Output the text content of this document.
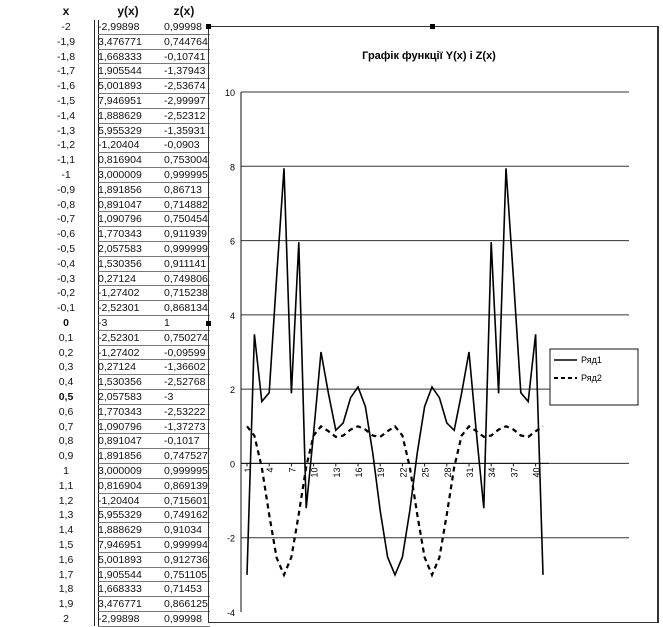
x	y(x)	z(x)
-2	-2,99898	0,99998
-1,9	3,476771	0,744764
-1,8	1,668333	-0,10741
-1,7	1,905544	-1,37943
-1,6	5,001893	-2,53674
-1,5	7,946951	-2,99997
-1,4	1,888629	-2,52312
-1,3	5,955329	-1,35931
-1,2	-1,20404	-0,0903
-1,1	0,816904	0,753004
-1	3,000009	0,999995
-0,9	1,891856	0,86713
-0,8	0,891047	0,714882
-0,7	1,090796	0,750454
-0,6	1,770343	0,911939
-0,5	2,057583	0,999999
-0,4	1,530356	0,911141
-0,3	0,27124	0,749806
-0,2	-1,27402	0,715238
-0,1	-2,52301	0,868134
0	-3	1
0,1	-2,52301	0,750274
0,2	-1,27402	-0,09599
0,3	0,27124	-1,36602
0,4	1,530356	-2,52768
0,5	2,057583	-3
0,6	1,770343	-2,53222
0,7	1,090796	-1,37273
0,8	0,891047	-0,1017
0,9	1,891856	0,747527
1	3,000009	0,999995
1,1	0,816904	0,869139
1,2	-1,20404	0,715601
1,3	5,955329	0,749162
1,4	1,888629	0,91034
1,5	7,946951	0,999994
1,6	5,001893	0,912736
1,7	1,905544	0,751105
1,8	1,668333	0,71453
1,9	3,476771	0,866125
2	-2,99898	0,99998
Графік функції Y(x) і Z(x)
-4
-2
0
2
4
6
8
10
1 4 7 10 13 16 19 22 25 28 31 34 37 40
Ряд1
Ряд2
